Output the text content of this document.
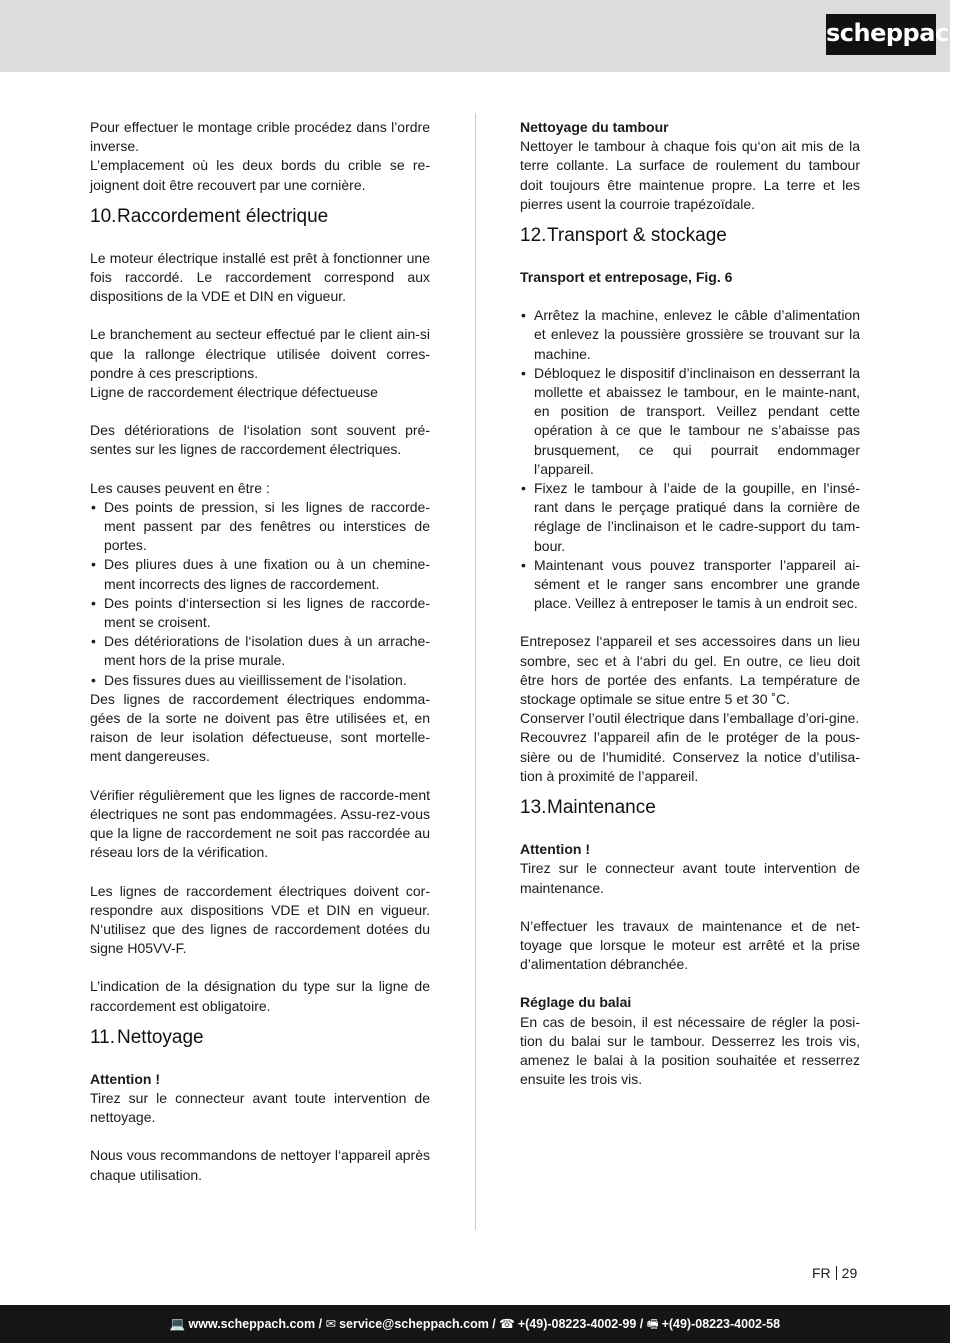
scheppach
Pour effectuer le montage crible procédez dans l’ordre inverse.
L’emplacement où les deux bords du crible se re-joignent doit être recouvert par une cornière.
10.Raccordement électrique
Le moteur électrique installé est prêt à fonctionner une fois raccordé. Le raccordement correspond aux dispositions de la VDE et DIN en vigueur.
Le branchement au secteur effectué par le client ain-si que la rallonge électrique utilisée doivent corres-pondre à ces prescriptions.
Ligne de raccordement électrique défectueuse
Des détériorations de l‘isolation sont souvent pré-sentes sur les lignes de raccordement électriques.
Les causes peuvent en être :
• Des points de pression, si les lignes de raccorde-ment passent par des fenêtres ou interstices de portes.
• Des pliures dues à une fixation ou à un chemine-ment incorrects des lignes de raccordement.
• Des points d‘intersection si les lignes de raccorde-ment se croisent.
• Des détériorations de l‘isolation dues à un arrache-ment hors de la prise murale.
• Des fissures dues au vieillissement de l‘isolation.
Des lignes de raccordement électriques endomma-gées de la sorte ne doivent pas être utilisées et, en raison de leur isolation défectueuse, sont mortelle-ment dangereuses.
Vérifier régulièrement que les lignes de raccorde-ment électriques ne sont pas endommagées. Assu-rez-vous que la ligne de raccordement ne soit pas raccordée au réseau lors de la vérification.
Les lignes de raccordement électriques doivent cor-respondre aux dispositions VDE et DIN en vigueur. N‘utilisez que des lignes de raccordement dotées du signe H05VV-F.
L’indication de la désignation du type sur la ligne de raccordement est obligatoire.
11. Nettoyage
Attention !
Tirez sur le connecteur avant toute intervention de nettoyage.
Nous vous recommandons de nettoyer l‘appareil après chaque utilisation.
Nettoyage du tambour
Nettoyer le tambour à chaque fois qu‘on ait mis de la terre collante. La surface de roulement du tambour doit toujours être maintenue propre. La terre et les pierres usent la courroie trapézoïdale.
12.Transport & stockage
Transport et entreposage, Fig. 6
• Arrêtez la machine, enlevez le câble d’alimentation et enlevez la poussière grossière se trouvant sur la machine.
• Débloquez le dispositif d’inclinaison en desserrant la mollette et abaissez le tambour, en le mainte-nant, en position de transport. Veillez pendant cette opération à ce que le tambour ne s’abaisse pas brusquement, ce qui pourrait endommager l’appareil.
• Fixez le tambour à l’aide de la goupille, en l’insé-rant dans le perçage pratiqué dans la cornière de réglage de l’inclinaison et le cadre-support du tam-bour.
• Maintenant vous pouvez transporter l’appareil ai-sément et le ranger sans encombrer une grande place. Veillez à entreposer le tamis à un endroit sec.
Entreposez l‘appareil et ses accessoires dans un lieu sombre, sec et à l‘abri du gel. En outre, ce lieu doit être hors de portée des enfants. La température de stockage optimale se situe entre 5 et 30 ˚C.
Conserver l’outil électrique dans l’emballage d’ori-gine.
Recouvrez l’appareil afin de le protéger de la pous-sière ou de l’humidité. Conservez la notice d’utilisa-tion à proximité de l’appareil.
13.Maintenance
Attention !
Tirez sur le connecteur avant toute intervention de maintenance.
N’effectuer les travaux de maintenance et de net-toyage que lorsque le moteur est arrêté et la prise d’alimentation débranchée.
Réglage du balai
En cas de besoin, il est nécessaire de régler la posi-tion du balai sur le tambour. Desserrez les trois vis, amenez le balai à la position souhaitée et resserrez ensuite les trois vis.
FR 29
💻 www.scheppach.com / ✉ service@scheppach.com / ☎ +(49)-08223-4002-99 / 🖷 +(49)-08223-4002-58
